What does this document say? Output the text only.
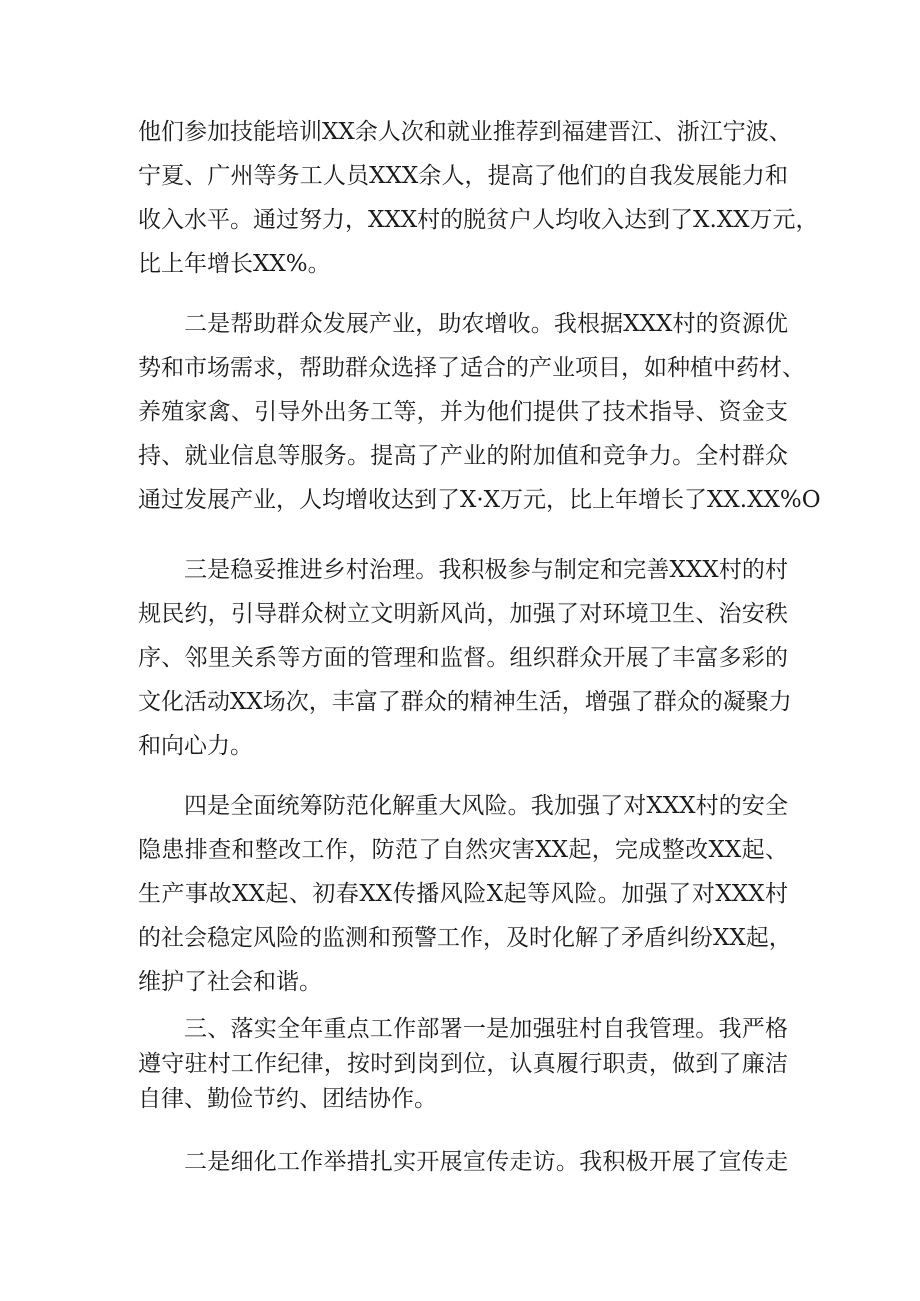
他们参加技能培训XX余人次和就业推荐到福建晋江、浙江宁波、
宁夏、广州等务工人员XXX余人，提高了他们的自我发展能力和
收入水平。通过努力，XXX村的脱贫户人均收入达到了X.XX万元，
比上年增长XX%。
二是帮助群众发展产业，助农增收。我根据XXX村的资源优
势和市场需求，帮助群众选择了适合的产业项目，如种植中药材、
养殖家禽、引导外出务工等，并为他们提供了技术指导、资金支
持、就业信息等服务。提高了产业的附加值和竞争力。全村群众
通过发展产业，人均增收达到了X·X万元，比上年增长了XX.XX%O
三是稳妥推进乡村治理。我积极参与制定和完善XXX村的村
规民约，引导群众树立文明新风尚，加强了对环境卫生、治安秩
序、邻里关系等方面的管理和监督。组织群众开展了丰富多彩的
文化活动XX场次，丰富了群众的精神生活，增强了群众的凝聚力
和向心力。
四是全面统筹防范化解重大风险。我加强了对XXX村的安全
隐患排查和整改工作，防范了自然灾害XX起，完成整改XX起、
生产事故XX起、初春XX传播风险X起等风险。加强了对XXX村
的社会稳定风险的监测和预警工作，及时化解了矛盾纠纷XX起，
维护了社会和谐。
三、落实全年重点工作部署一是加强驻村自我管理。我严格
遵守驻村工作纪律，按时到岗到位，认真履行职责，做到了廉洁
自律、勤俭节约、团结协作。
二是细化工作举措扎实开展宣传走访。我积极开展了宣传走
